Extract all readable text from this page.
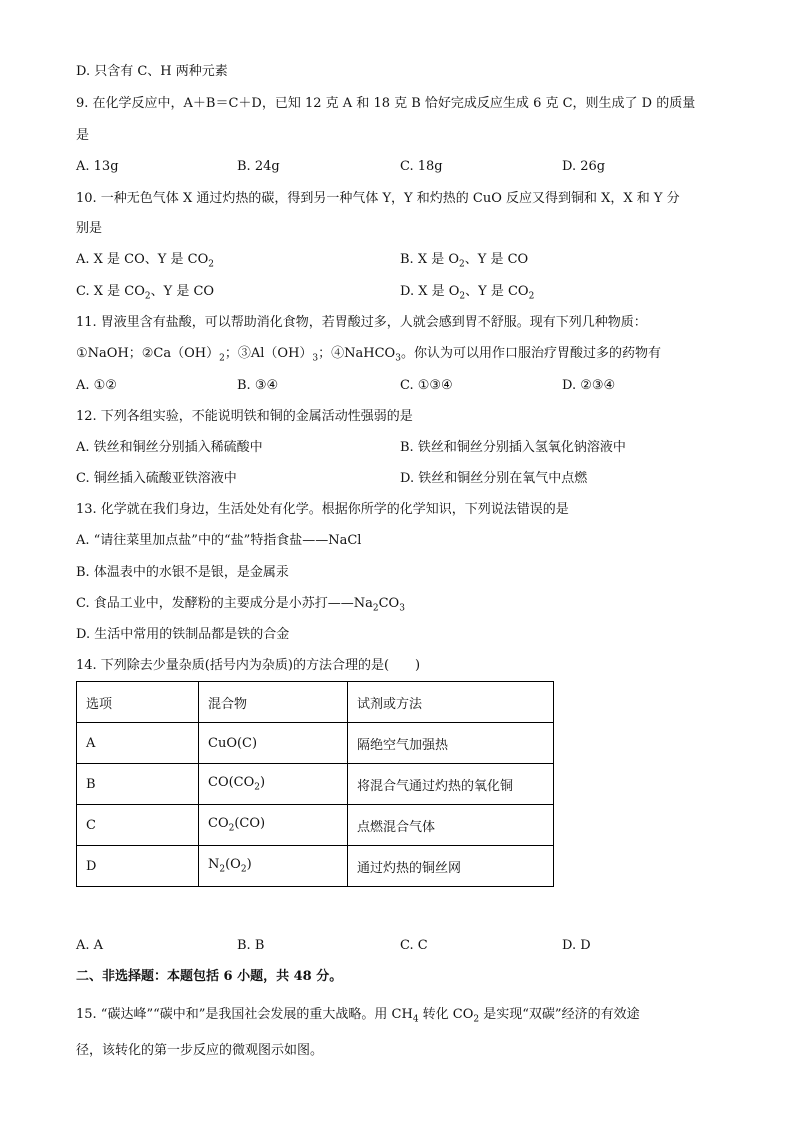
D. 只含有 C、H 两种元素
9. 在化学反应中，A＋B＝C＋D，已知 12 克 A 和 18 克 B 恰好完成反应生成 6 克 C，则生成了 D 的质量
是
A. 13g	B. 24g	C. 18g	D. 26g
10. 一种无色气体 X 通过灼热的碳，得到另一种气体 Y，Y 和灼热的 CuO 反应又得到铜和 X，X 和 Y 分
别是
A. X 是 CO、Y 是 $CO_2$	B. X 是 $O_2$、Y 是 CO
C. X 是 $CO_2$、Y 是 CO	D. X 是 $O_2$、Y 是 $CO_2$
11. 胃液里含有盐酸，可以帮助消化食物，若胃酸过多，人就会感到胃不舒服。现有下列几种物质：
①NaOH；$②Ca(OH)_2$；$③Al(OH)_3$；④NaHCO$_3$。你认为可以用作口服治疗胃酸过多的药物有
A. ①②	B. ③④	C. ①③④	D. ②③④
12. 下列各组实验，不能说明铁和铜的金属活动性强弱的是
A. 铁丝和铜丝分别插入稀硫酸中	B. 铁丝和铜丝分别插入氢氧化钠溶液中
C. 铜丝插入硫酸亚铁溶液中	D. 铁丝和铜丝分别在氧气中点燃
13. 化学就在我们身边，生活处处有化学。根据你所学的化学知识，下列说法错误的是
A. “请往菜里加点盐”中的“盐”特指食盐——NaCl
B. 体温表中的水银不是银，是金属汞
C. 食品工业中，发酵粉的主要成分是小苏打$——Na_2CO_3$
D. 生活中常用的铁制品都是铁的合金
14. 下列除去少量杂质(括号内为杂质)的方法合理的是(　　)
选项	混合物	试剂或方法
A	CuO(C)	隔绝空气加强热
B	$CO(CO_2)$	将混合气通过灼热的氧化铜
C	$CO_2(CO)$	点燃混合气体
D	$N_2(O_2)$	通过灼热的铜丝网
A. A	B. B	C. C	D. D
二、非选择题：本题包括 6 小题，共 48 分。
15. “碳达峰”“碳中和”是我国社会发展的重大战略。用 $CH_4$ 转化 $CO_2$ 是实现“双碳”经济的有效途
径，该转化的第一步反应的微观图示如图。
